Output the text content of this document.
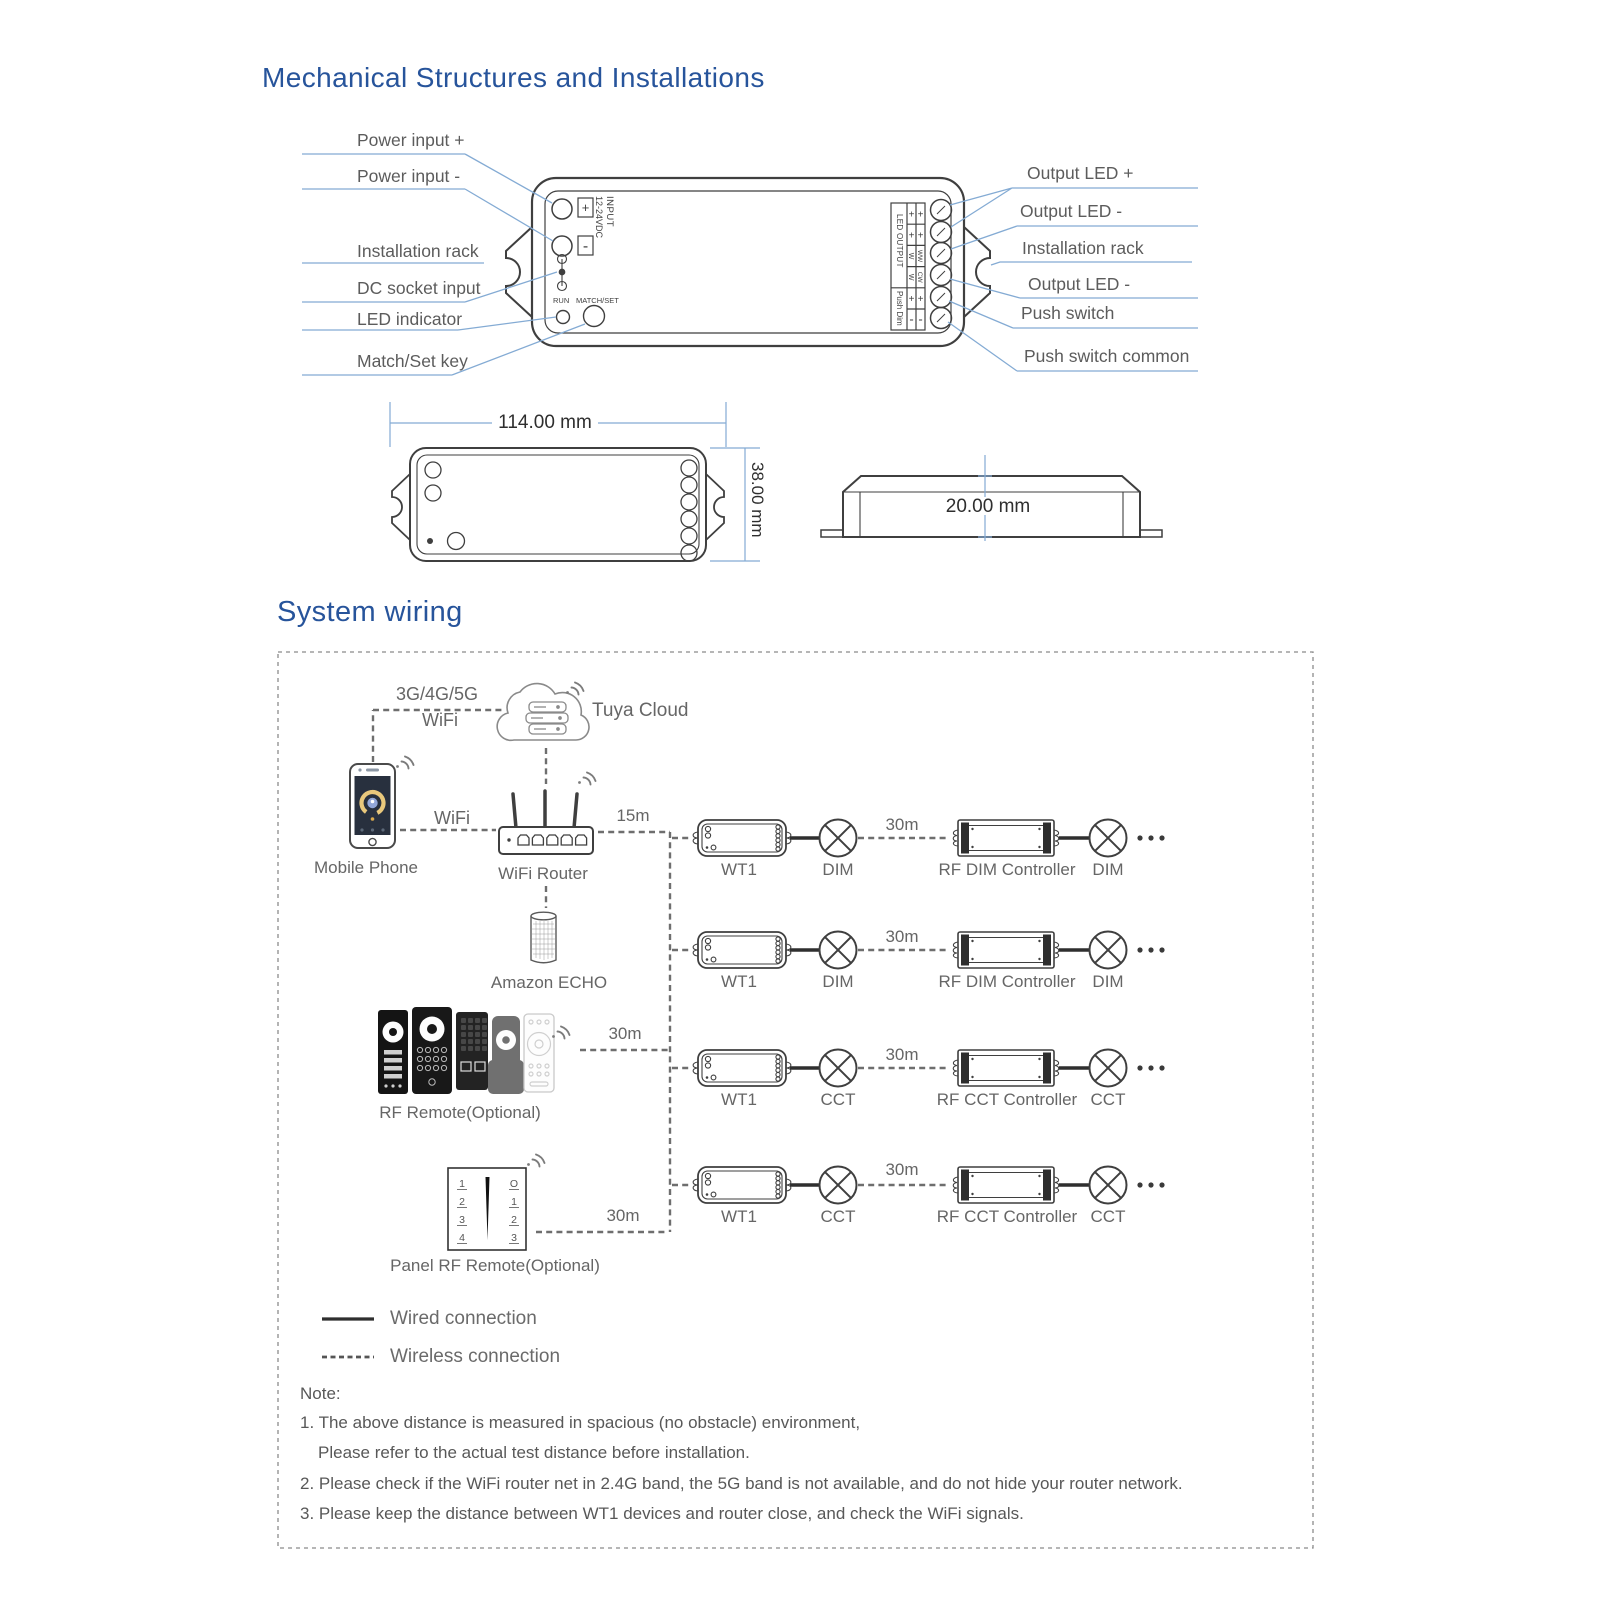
+
-
INPUT
12-24VDC
RUN MATCH/SET
LED OUTPUT
Push Dim
+ +
+ +
W WW
W CW
+ +
- -
38.00 mm
1
2
3
4
O
1
2
3
Mechanical Structures and Installations
System wiring
Power input +
Power input -
Installation rack
DC socket input
LED indicator
Match/Set key
Output LED +
Output LED -
Installation rack
Output LED -
Push switch
Push switch common
114.00 mm
20.00 mm
3G/4G/5G
WiFi	Tuya Cloud
Mobile Phone
WiFi
WiFi Router
15m
Amazon ECHO
RF Remote(Optional)
30m
Panel RF Remote(Optional)
30m
WT1	DIM
30m
RF DIM Controller DIM
WT1	DIM
30m
RF DIM Controller DIM
WT1	CCT
30m
RF CCT Controller CCT
WT1	CCT
30m
RF CCT Controller CCT
Wired connection
Wireless connection
Note:
1. The above distance is measured in spacious (no obstacle) environment,
Please refer to the actual test distance before installation.
2. Please check if the WiFi router net in 2.4G band, the 5G band is not available, and do not hide your router network.
3. Please keep the distance between WT1 devices and router close, and check the WiFi signals.
